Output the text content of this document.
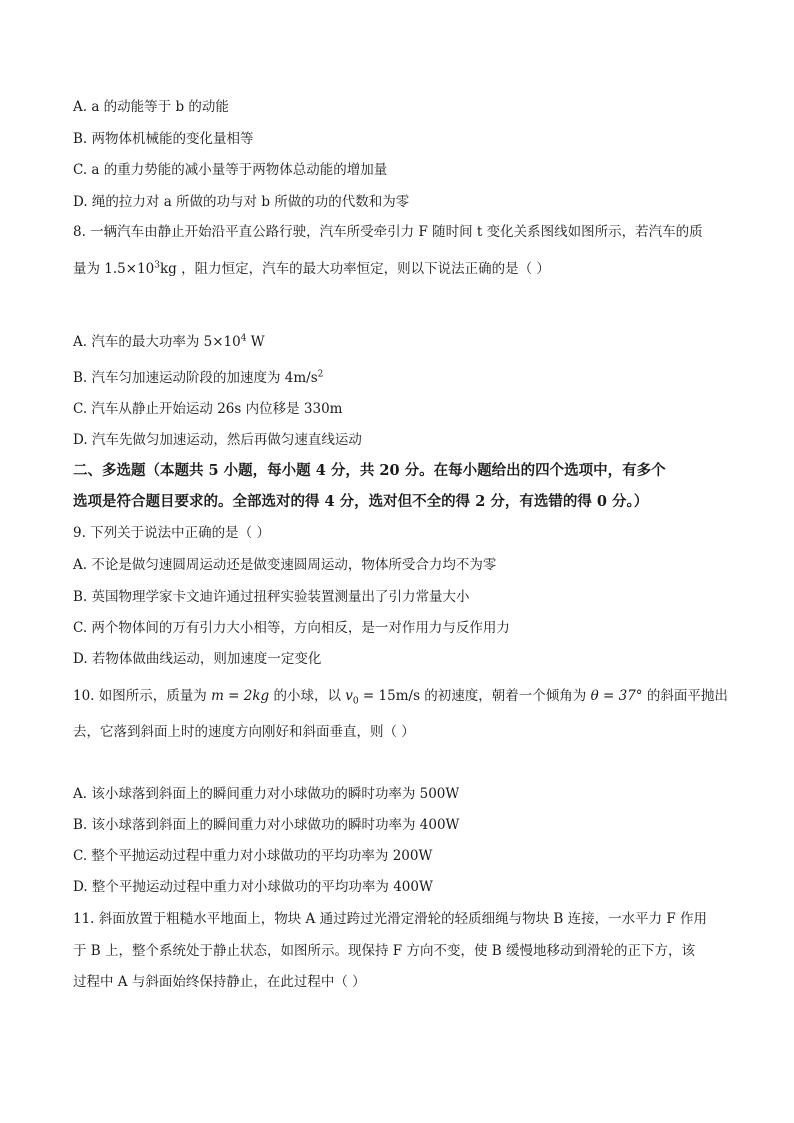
A. a 的动能等于 b 的动能
B. 两物体机械能的变化量相等
C. a 的重力势能的减小量等于两物体总动能的增加量
D. 绳的拉力对 a 所做的功与对 b 所做的功的代数和为零
8. 一辆汽车由静止开始沿平直公路行驶，汽车所受牵引力 F 随时间 t 变化关系图线如图所示，若汽车的质
量为 $1.5\times 10^3kg$ ，阻力恒定，汽车的最大功率恒定，则以下说法正确的是（ ）
A. 汽车的最大功率为 $5\times 10^4$ W
B. 汽车匀加速运动阶段的加速度为 $4m/s^2$
C. 汽车从静止开始运动 26s 内位移是 330m
D. 汽车先做匀加速运动，然后再做匀速直线运动
二、多选题（本题共 5 小题，每小题 4 分，共 20 分。在每小题给出的四个选项中，有多个
选项是符合题目要求的。全部选对的得 4 分，选对但不全的得 2 分，有选错的得 0 分。）
9. 下列关于说法中正确的是（ ）
A. 不论是做匀速圆周运动还是做变速圆周运动，物体所受合力均不为零
B. 英国物理学家卡文迪许通过扭秤实验装置测量出了引力常量大小
C. 两个物体间的万有引力大小相等，方向相反，是一对作用力与反作用力
D. 若物体做曲线运动，则加速度一定变化
10. 如图所示，质量为 m = 2kg 的小球，以 $v_0 = 15m/s$ 的初速度，朝着一个倾角为 θ = 37° 的斜面平抛出
去，它落到斜面上时的速度方向刚好和斜面垂直，则（ ）
A. 该小球落到斜面上的瞬间重力对小球做功的瞬时功率为 500W
B. 该小球落到斜面上的瞬间重力对小球做功的瞬时功率为 400W
C. 整个平抛运动过程中重力对小球做功的平均功率为 200W
D. 整个平抛运动过程中重力对小球做功的平均功率为 400W
11. 斜面放置于粗糙水平地面上，物块 A 通过跨过光滑定滑轮的轻质细绳与物块 B 连接，一水平力 F 作用
于 B 上，整个系统处于静止状态，如图所示。现保持 F 方向不变，使 B 缓慢地移动到滑轮的正下方，该
过程中 A 与斜面始终保持静止，在此过程中（ ）
